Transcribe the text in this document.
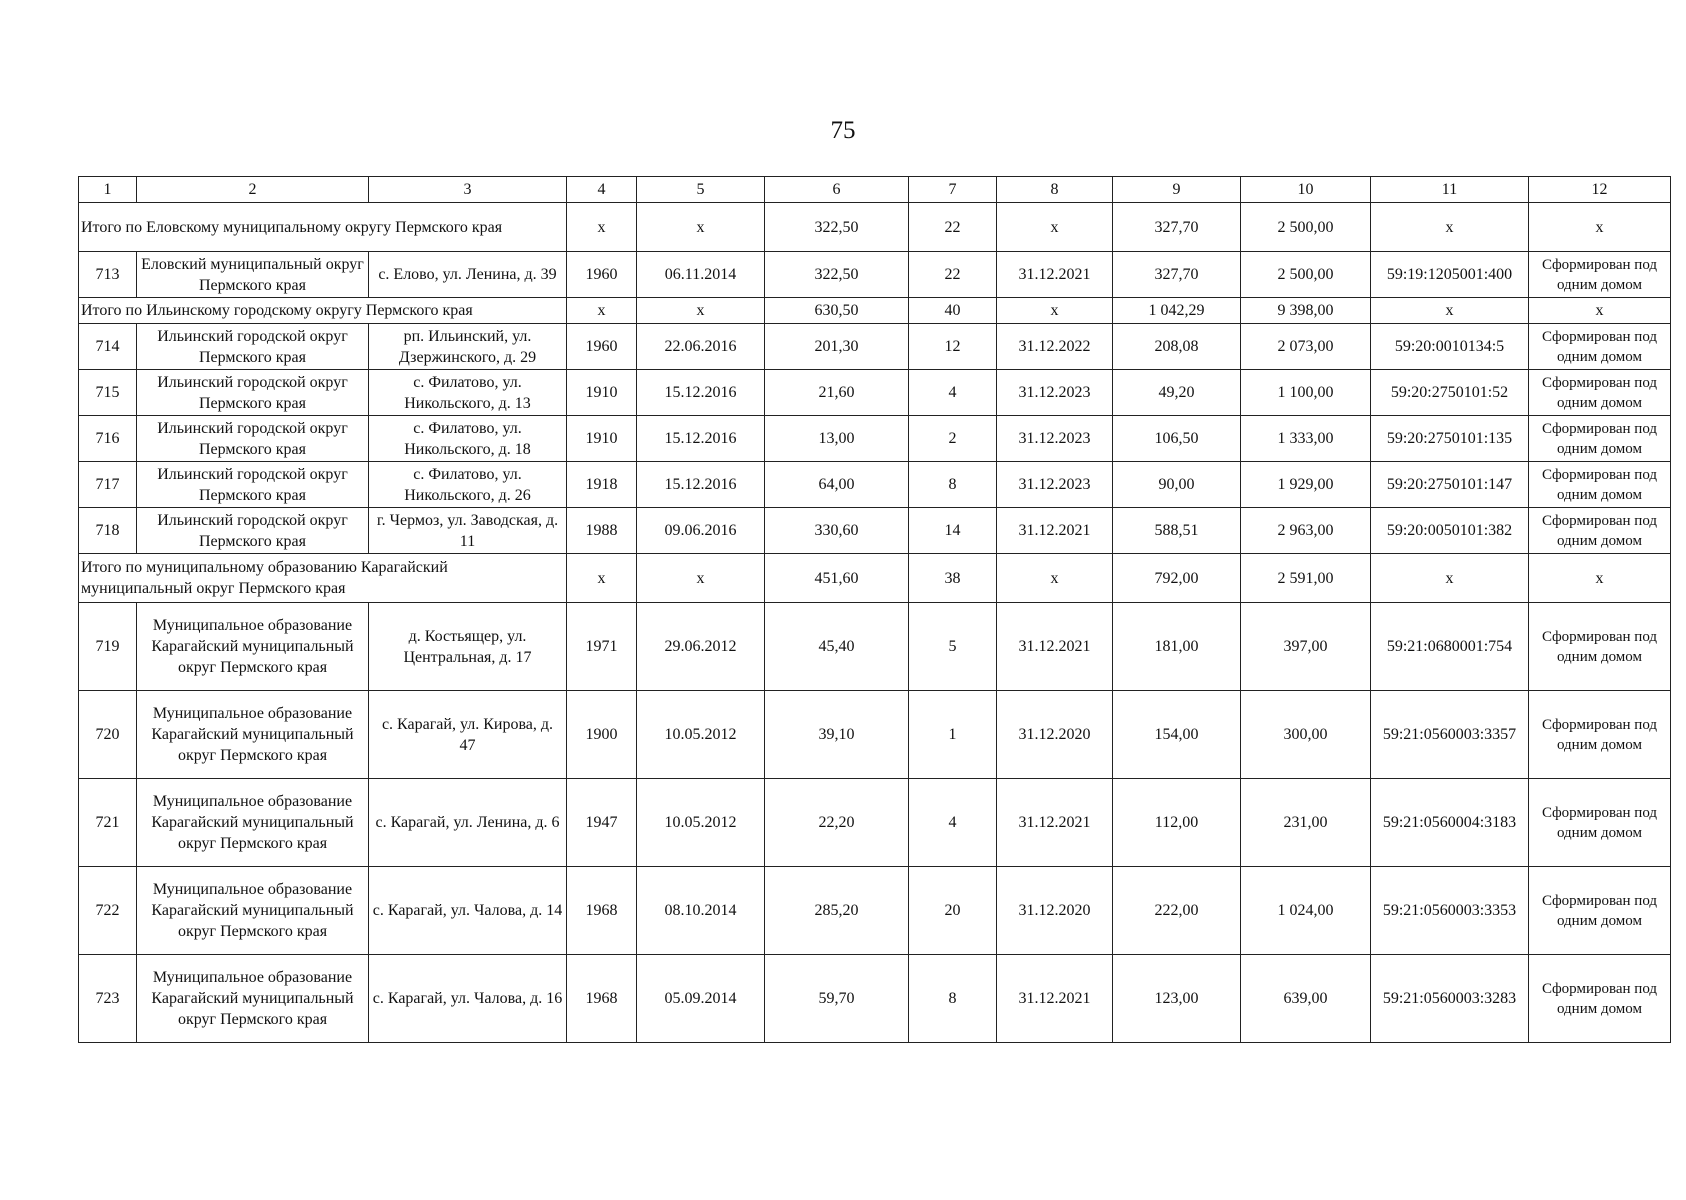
75
1	2	3	4	5	6	7	8	9	10	11	12
Итого по Еловскому муниципальному округу Пермского края			х	х	322,50	22	х	327,70	2 500,00	х	х
713	Еловский муниципальный округ Пермского края	с. Елово, ул. Ленина, д. 39	1960	06.11.2014	322,50	22	31.12.2021	327,70	2 500,00	59:19:1205001:400	Сформирован под одним домом
Итого по Ильинскому городскому округу Пермского края			х	х	630,50	40	х	1 042,29	9 398,00	х	х
714	Ильинский городской округ Пермского края	рп. Ильинский, ул. Дзержинского, д. 29	1960	22.06.2016	201,30	12	31.12.2022	208,08	2 073,00	59:20:0010134:5	Сформирован под одним домом
715	Ильинский городской округ Пермского края	с. Филатово, ул. Никольского, д. 13	1910	15.12.2016	21,60	4	31.12.2023	49,20	1 100,00	59:20:2750101:52	Сформирован под одним домом
716	Ильинский городской округ Пермского края	с. Филатово, ул. Никольского, д. 18	1910	15.12.2016	13,00	2	31.12.2023	106,50	1 333,00	59:20:2750101:135	Сформирован под одним домом
717	Ильинский городской округ Пермского края	с. Филатово, ул. Никольского, д. 26	1918	15.12.2016	64,00	8	31.12.2023	90,00	1 929,00	59:20:2750101:147	Сформирован под одним домом
718	Ильинский городской округ Пермского края	г. Чермоз, ул. Заводская, д. 11	1988	09.06.2016	330,60	14	31.12.2021	588,51	2 963,00	59:20:0050101:382	Сформирован под одним домом
Итого по муниципальному образованию Карагайский муниципальный округ Пермского края			х	х	451,60	38	х	792,00	2 591,00	х	х
719	Муниципальное образование Карагайский муниципальный округ Пермского края	д. Костьящер, ул. Центральная, д. 17	1971	29.06.2012	45,40	5	31.12.2021	181,00	397,00	59:21:0680001:754	Сформирован под одним домом
720	Муниципальное образование Карагайский муниципальный округ Пермского края	с. Карагай, ул. Кирова, д. 47	1900	10.05.2012	39,10	1	31.12.2020	154,00	300,00	59:21:0560003:3357	Сформирован под одним домом
721	Муниципальное образование Карагайский муниципальный округ Пермского края	с. Карагай, ул. Ленина, д. 6	1947	10.05.2012	22,20	4	31.12.2021	112,00	231,00	59:21:0560004:3183	Сформирован под одним домом
722	Муниципальное образование Карагайский муниципальный округ Пермского края	с. Карагай, ул. Чалова, д. 14	1968	08.10.2014	285,20	20	31.12.2020	222,00	1 024,00	59:21:0560003:3353	Сформирован под одним домом
723	Муниципальное образование Карагайский муниципальный округ Пермского края	с. Карагай, ул. Чалова, д. 16	1968	05.09.2014	59,70	8	31.12.2021	123,00	639,00	59:21:0560003:3283	Сформирован под одним домом
